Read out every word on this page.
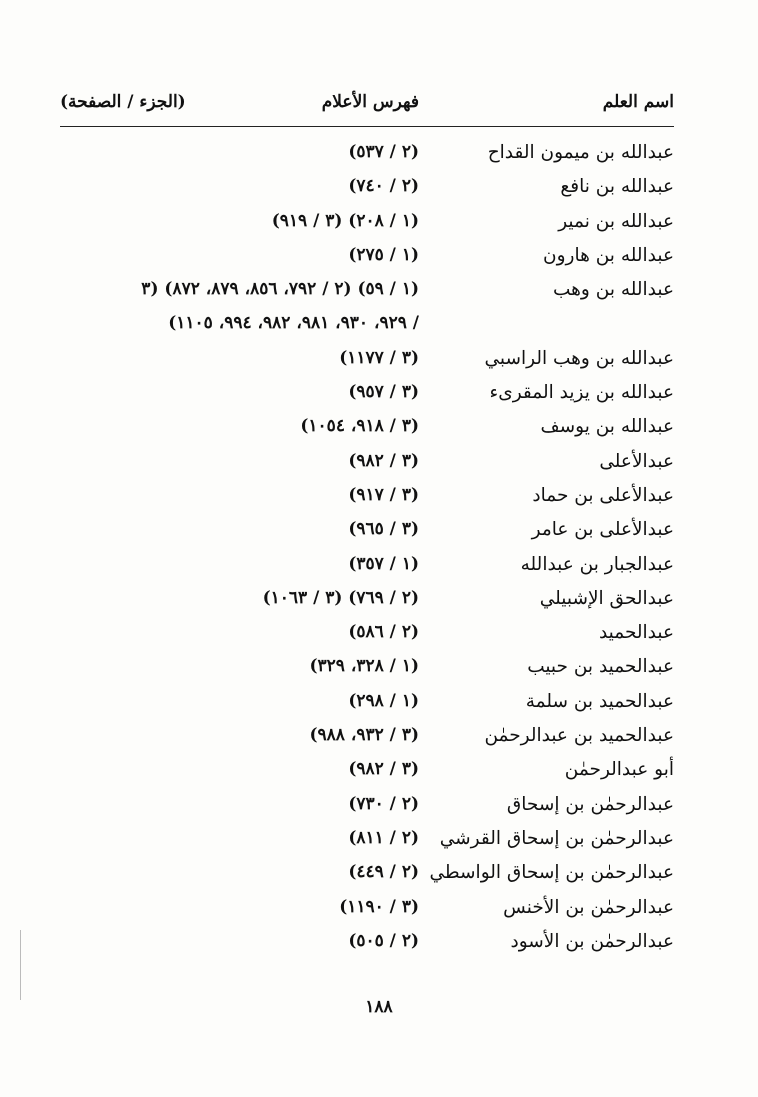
اسم العلم
فهرس الأعلام
(الجزء / الصفحة)
عبدالله بن ميمون القداح
(٢ / ٥٣٧)
عبدالله بن نافع
(٢ / ٧٤٠)
عبدالله بن نمير
(١ / ٢٠٨) (٣ / ٩١٩)
عبدالله بن هارون
(١ / ٢٧٥)
عبدالله بن وهب
(١ / ٥٩) (٢ / ٧٩٢، ٨٥٦، ٨٧٩، ٨٧٢) (٣
/ ٩٢٩، ٩٣٠، ٩٨١، ٩٨٢، ٩٩٤، ١١٠٥)
عبدالله بن وهب الراسبي
(٣ / ١١٧٧)
عبدالله بن يزيد المقرىء
(٣ / ٩٥٧)
عبدالله بن يوسف
(٣ / ٩١٨، ١٠٥٤)
عبدالأعلى
(٣ / ٩٨٢)
عبدالأعلى بن حماد
(٣ / ٩١٧)
عبدالأعلى بن عامر
(٣ / ٩٦٥)
عبدالجبار بن عبدالله
(١ / ٣٥٧)
عبدالحق الإشبيلي
(٢ / ٧٦٩) (٣ / ١٠٦٣)
عبدالحميد
(٢ / ٥٨٦)
عبدالحميد بن حبيب
(١ / ٣٢٨، ٣٢٩)
عبدالحميد بن سلمة
(١ / ٢٩٨)
عبدالحميد بن عبدالرحمٰن
(٣ / ٩٣٢، ٩٨٨)
أبو عبدالرحمٰن
(٣ / ٩٨٢)
عبدالرحمٰن بن إسحاق
(٢ / ٧٣٠)
عبدالرحمٰن بن إسحاق القرشي
(٢ / ٨١١)
عبدالرحمٰن بن إسحاق الواسطي
(٢ / ٤٤٩)
عبدالرحمٰن بن الأخنس
(٣ / ١١٩٠)
عبدالرحمٰن بن الأسود
(٢ / ٥٠٥)
١٨٨
